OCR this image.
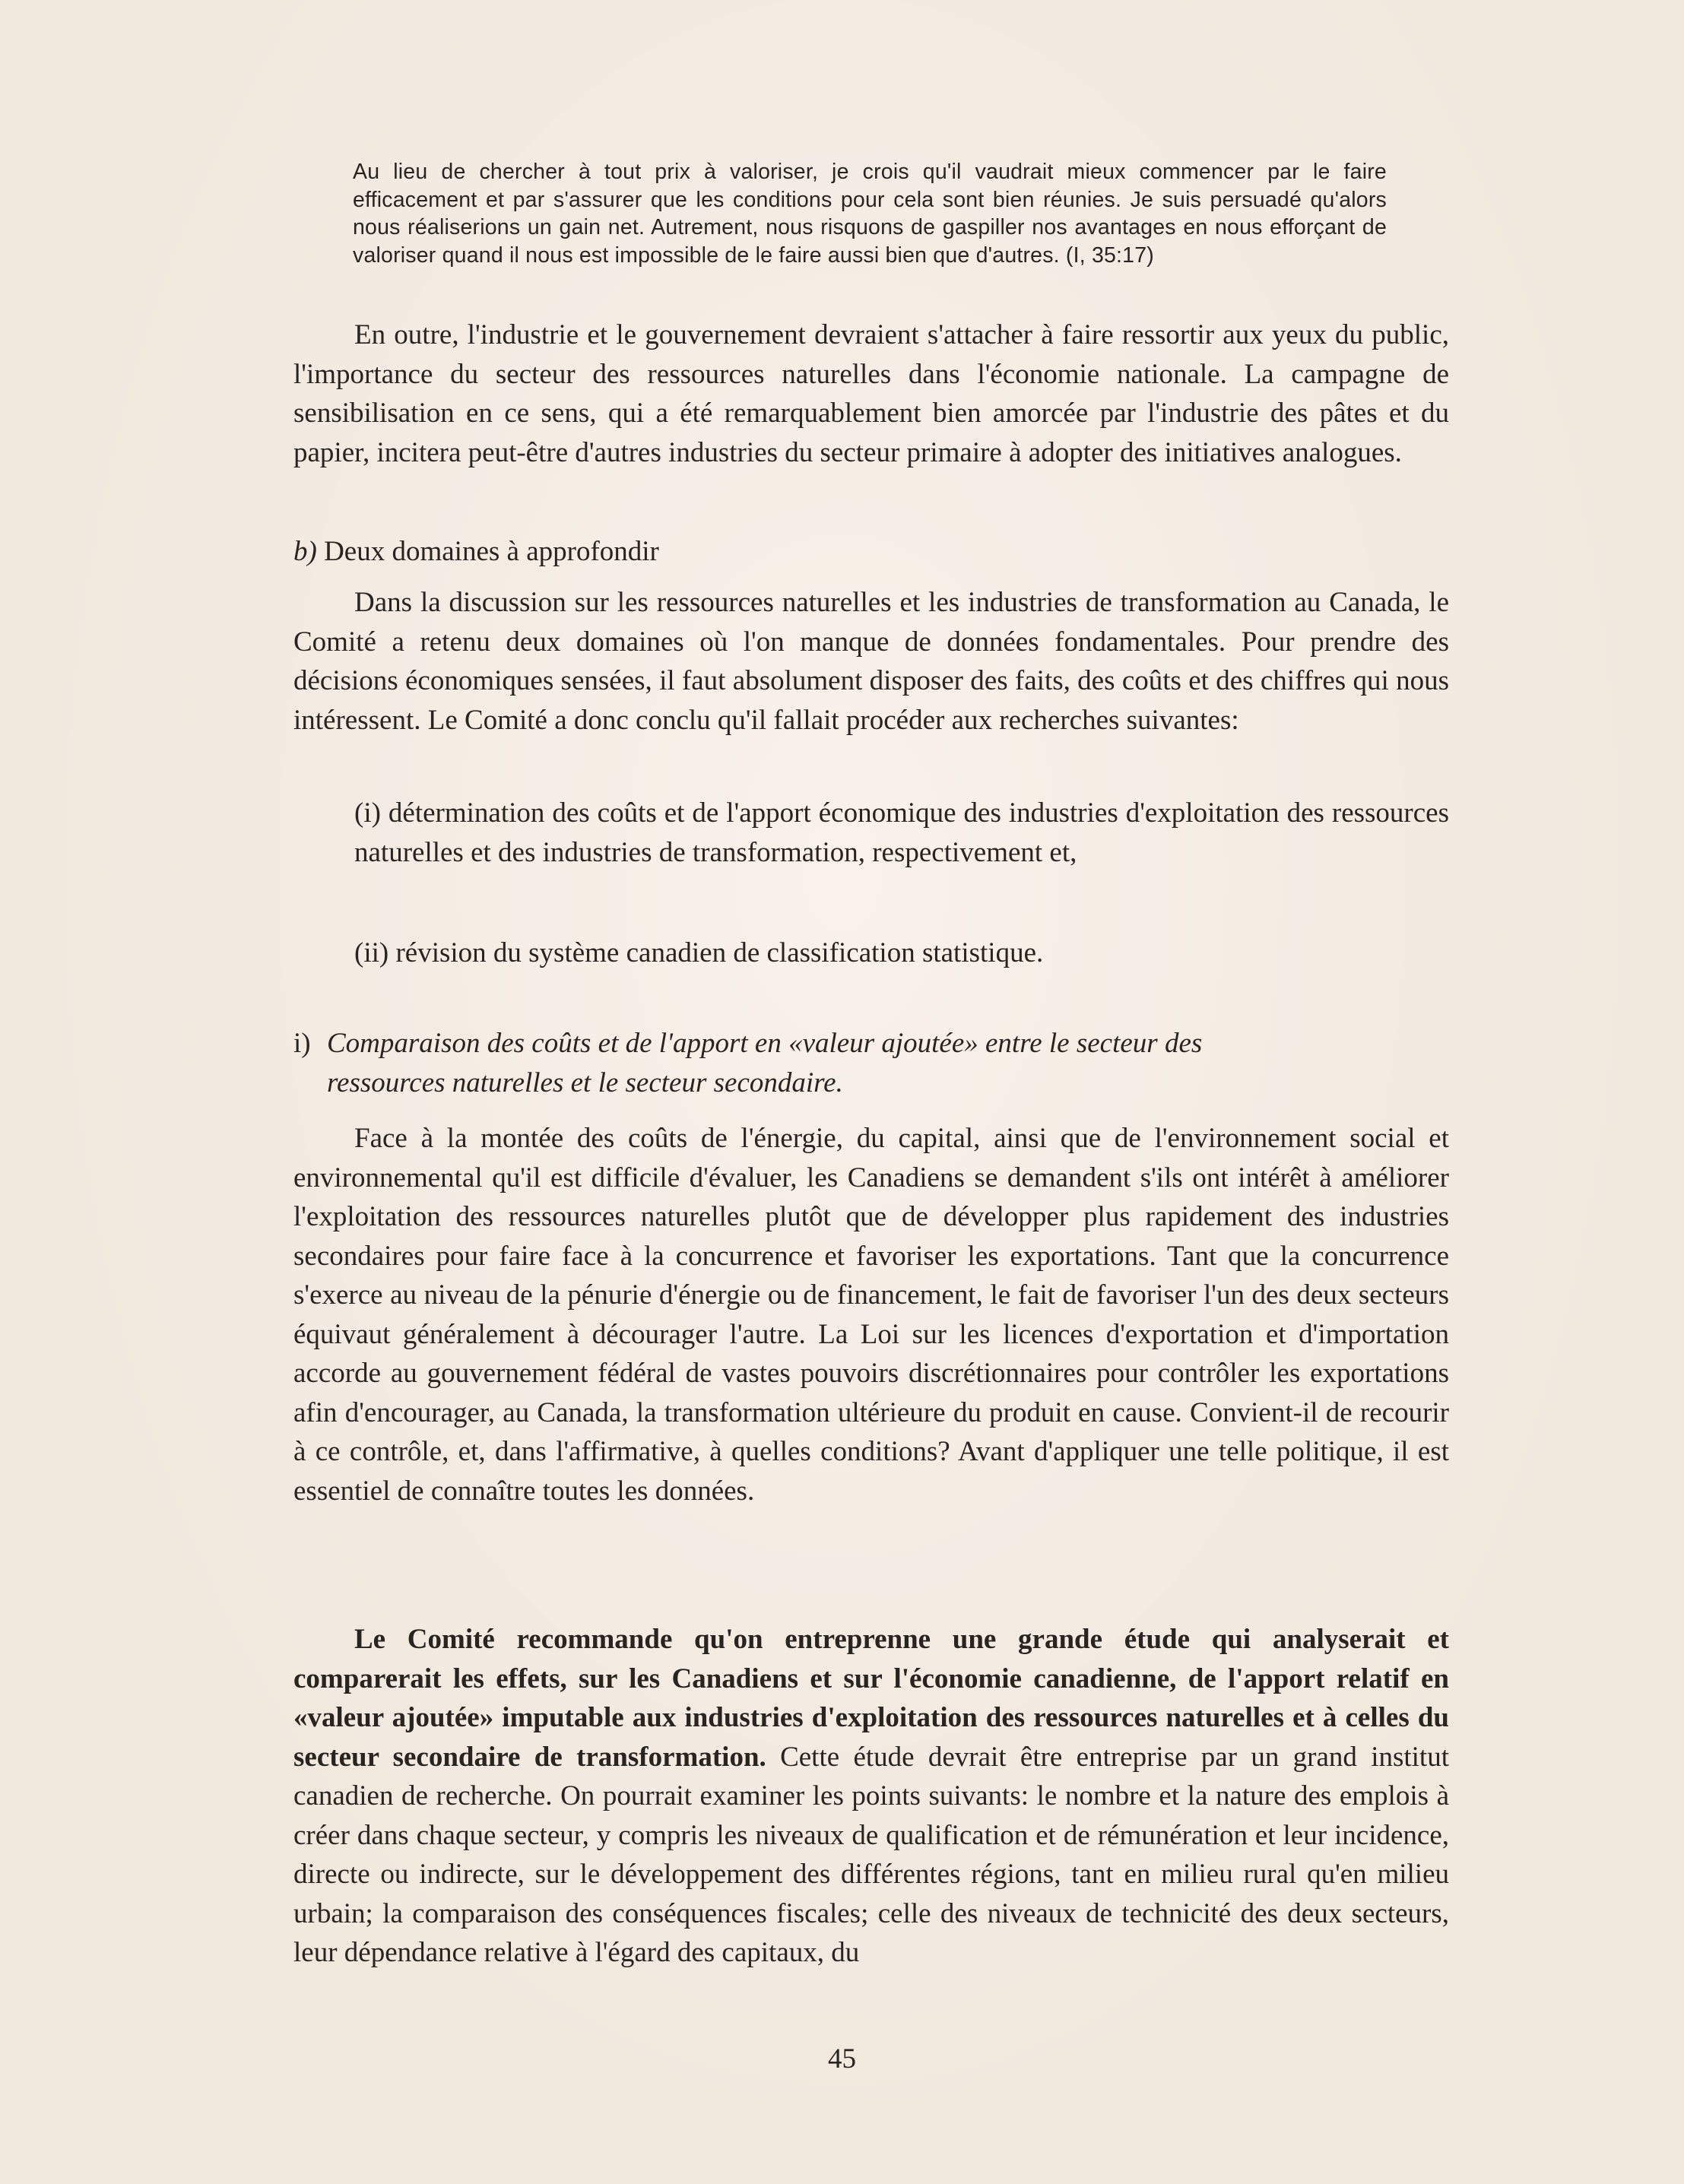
Au lieu de chercher à tout prix à valoriser, je crois qu'il vaudrait mieux commencer par le faire efficacement et par s'assurer que les conditions pour cela sont bien réunies. Je suis persuadé qu'alors nous réaliserions un gain net. Autrement, nous risquons de gaspiller nos avantages en nous efforçant de valoriser quand il nous est impossible de le faire aussi bien que d'autres. (I, 35:17)

En outre, l'industrie et le gouvernement devraient s'attacher à faire ressortir aux yeux du public, l'importance du secteur des ressources naturelles dans l'économie nationale. La campagne de sensibilisation en ce sens, qui a été remarquablement bien amorcée par l'industrie des pâtes et du papier, incitera peut-être d'autres industries du secteur primaire à adopter des initiatives analogues.

b) Deux domaines à approfondir

Dans la discussion sur les ressources naturelles et les industries de transformation au Canada, le Comité a retenu deux domaines où l'on manque de données fondamentales. Pour prendre des décisions économiques sensées, il faut absolument disposer des faits, des coûts et des chiffres qui nous intéressent. Le Comité a donc conclu qu'il fallait procéder aux recherches suivantes:

(i) détermination des coûts et de l'apport économique des industries d'exploitation des ressources naturelles et des industries de transformation, respectivement et,
(ii) révision du système canadien de classification statistique.
i) Comparaison des coûts et de l'apport en «valeur ajoutée» entre le secteur des
ressources naturelles et le secteur secondaire.

Face à la montée des coûts de l'énergie, du capital, ainsi que de l'environnement social et environnemental qu'il est difficile d'évaluer, les Canadiens se demandent s'ils ont intérêt à améliorer l'exploitation des ressources naturelles plutôt que de développer plus rapidement des industries secondaires pour faire face à la concurrence et favoriser les exportations. Tant que la concurrence s'exerce au niveau de la pénurie d'énergie ou de financement, le fait de favoriser l'un des deux secteurs équivaut généralement à décourager l'autre. La Loi sur les licences d'exportation et d'importation accorde au gouvernement fédéral de vastes pouvoirs discrétionnaires pour contrôler les exportations afin d'encourager, au Canada, la transformation ultérieure du produit en cause. Convient-il de recourir à ce contrôle, et, dans l'affirmative, à quelles conditions? Avant d'appliquer une telle politique, il est essentiel de connaître toutes les données.

Le Comité recommande qu'on entreprenne une grande étude qui analyserait et comparerait les effets, sur les Canadiens et sur l'économie canadienne, de l'apport relatif en «valeur ajoutée» imputable aux industries d'exploitation des ressources naturelles et à celles du secteur secondaire de transformation. Cette étude devrait être entreprise par un grand institut canadien de recherche. On pourrait examiner les points suivants: le nombre et la nature des emplois à créer dans chaque secteur, y compris les niveaux de qualification et de rémunération et leur incidence, directe ou indirecte, sur le développement des différentes régions, tant en milieu rural qu'en milieu urbain; la comparaison des conséquences fiscales; celle des niveaux de technicité des deux secteurs, leur dépendance relative à l'égard des capitaux, du

45
